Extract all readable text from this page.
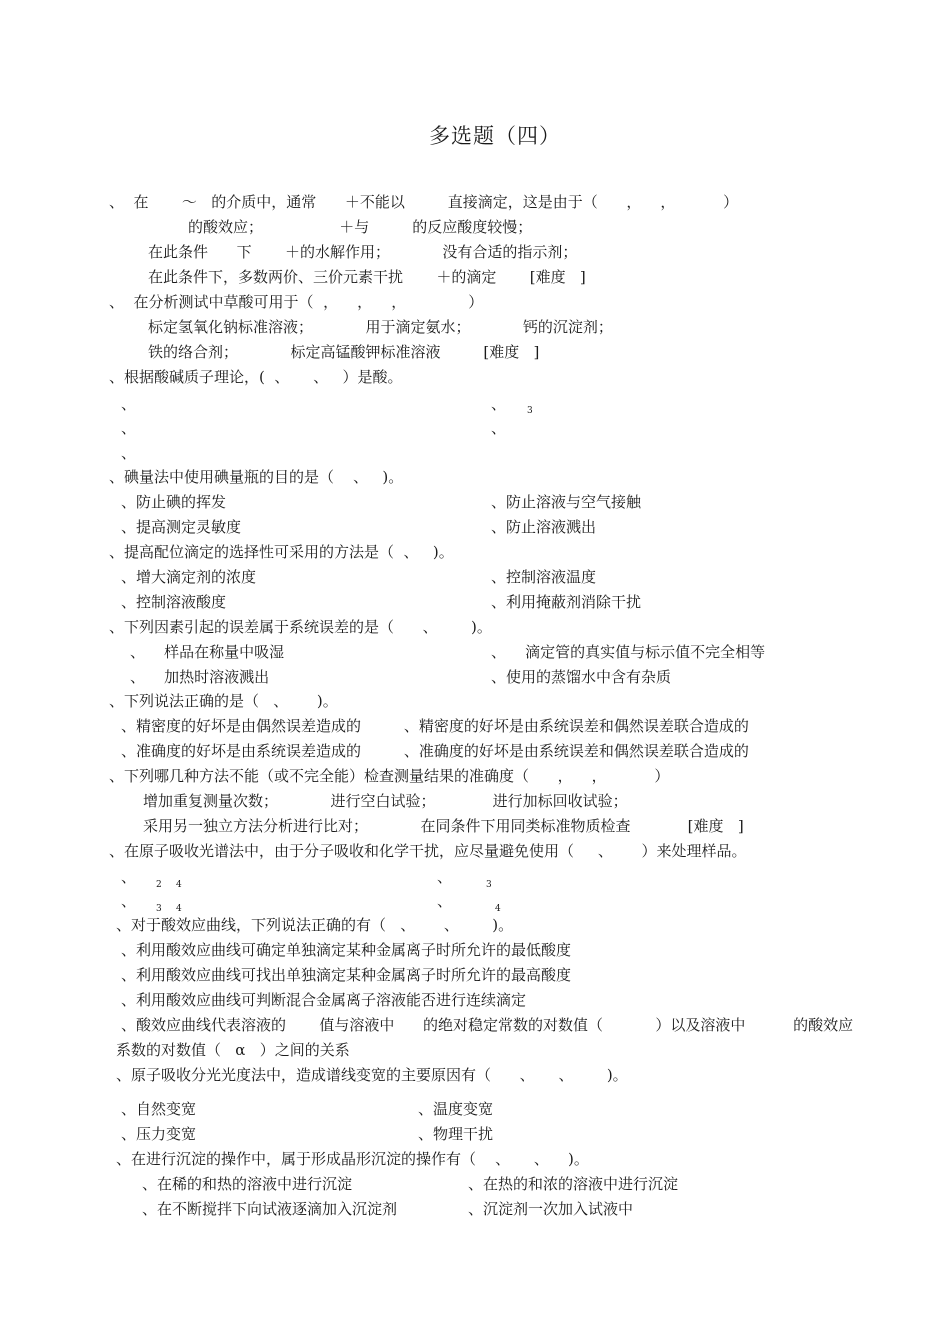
多选题（四）
、  在       ～   的介质中，通常      ＋不能以         直接滴定，这是由于（      ，    ，          ）
的酸效应；                ＋与         的反应酸度较慢；
在此条件      下       ＋的水解作用；           没有合适的指示剂；
在此条件下，多数两价、三价元素干扰       ＋的滴定       [难度   ]
、  在分析测试中草酸可用于（  ，    ，    ，             ）
标定氢氧化钠标准溶液；           用于滴定氨水；           钙的沉淀剂；
铁的络合剂；           标定高锰酸钾标准溶液         [难度   ]
、根据酸碱质子理论，(  、     、   ）是酸。
、	、 3
、	、
、
、碘量法中使用碘量瓶的目的是（    、   )。
、防止碘的挥发	、防止溶液与空气接触
、提高测定灵敏度	、防止溶液溅出
、提高配位滴定的选择性可采用的方法是（  、   )。
、增大滴定剂的浓度	、控制溶液温度
、控制溶液酸度	、利用掩蔽剂消除干扰
、下列因素引起的误差属于系统误差的是（      、       )。
、    样品在称量中吸湿	、    滴定管的真实值与标示值不完全相等
、    加热时溶液溅出	、使用的蒸馏水中含有杂质
、下列说法正确的是（   、      )。
、精密度的好坏是由偶然误差造成的         、精密度的好坏是由系统误差和偶然误差联合造成的
、准确度的好坏是由系统误差造成的         、准确度的好坏是由系统误差和偶然误差联合造成的
、下列哪几种方法不能（或不完全能）检查测量结果的准确度（      ，    ，          ）
增加重复测量次数；           进行空白试验；            进行加标回收试验；
采用另一独立方法分析进行比对；           在同条件下用同类标准物质检查            [难度   ]
、在原子吸收光谱法中，由于分子吸收和化学干扰，应尽量避免使用（     、      ）来处理样品。
、 2     4	、	3
、 3     4	、	4
、对于酸效应曲线，下列说法正确的有（   、      、       )。
、利用酸效应曲线可确定单独滴定某种金属离子时所允许的最低酸度
、利用酸效应曲线可找出单独滴定某种金属离子时所允许的最高酸度
、利用酸效应曲线可判断混合金属离子溶液能否进行连续滴定
、酸效应曲线代表溶液的       值与溶液中      的绝对稳定常数的对数值（           ）以及溶液中          的酸效应
系数的对数值（   α   ）之间的关系
、原子吸收分光光度法中，造成谱线变宽的主要原因有（      、     、       )。
、自然变宽	、温度变宽
、压力变宽	、物理干扰
、在进行沉淀的操作中，属于形成晶形沉淀的操作有（    、     、    )。
、在稀的和热的溶液中进行沉淀	、在热的和浓的溶液中进行沉淀
、在不断搅拌下向试液逐滴加入沉淀剂	、沉淀剂一次加入试液中
